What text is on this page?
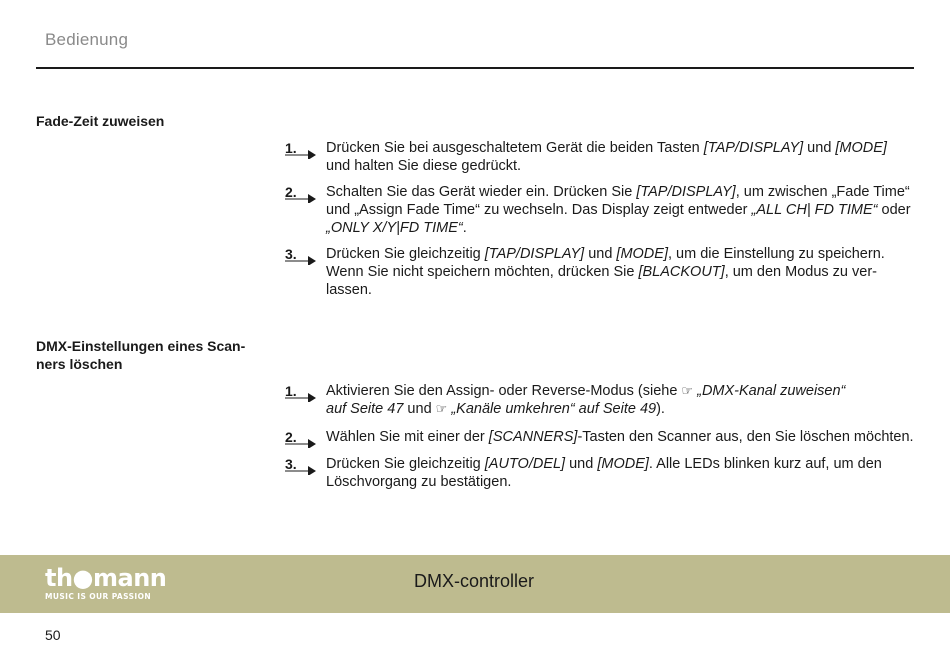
Bedienung
Fade-Zeit zuweisen
1. Drücken Sie bei ausgeschaltetem Gerät die beiden Tasten [TAP/DISPLAY] und [MODE] und halten Sie diese gedrückt.
2. Schalten Sie das Gerät wieder ein. Drücken Sie [TAP/DISPLAY], um zwischen „Fade Time“ und „Assign Fade Time“ zu wechseln. Das Display zeigt entweder „ALL CH| FD TIME“ oder „ONLY X/Y|FD TIME“.
3. Drücken Sie gleichzeitig [TAP/DISPLAY] und [MODE], um die Einstellung zu speichern. Wenn Sie nicht speichern möchten, drücken Sie [BLACKOUT], um den Modus zu ver-
lassen.
DMX-Einstellungen eines Scan-
ners löschen
1. Aktivieren Sie den Assign- oder Reverse-Modus (siehe ☞ „DMX-Kanal zuweisen“
auf Seite 47 und ☞ „Kanäle umkehren“ auf Seite 49).
2. Wählen Sie mit einer der [SCANNERS]-Tasten den Scanner aus, den Sie löschen möchten.
3. Drücken Sie gleichzeitig [AUTO/DEL] und [MODE]. Alle LEDs blinken kurz auf, um den Löschvorgang zu bestätigen.
th●mann
MUSIC IS OUR PASSION
DMX-controller
50
